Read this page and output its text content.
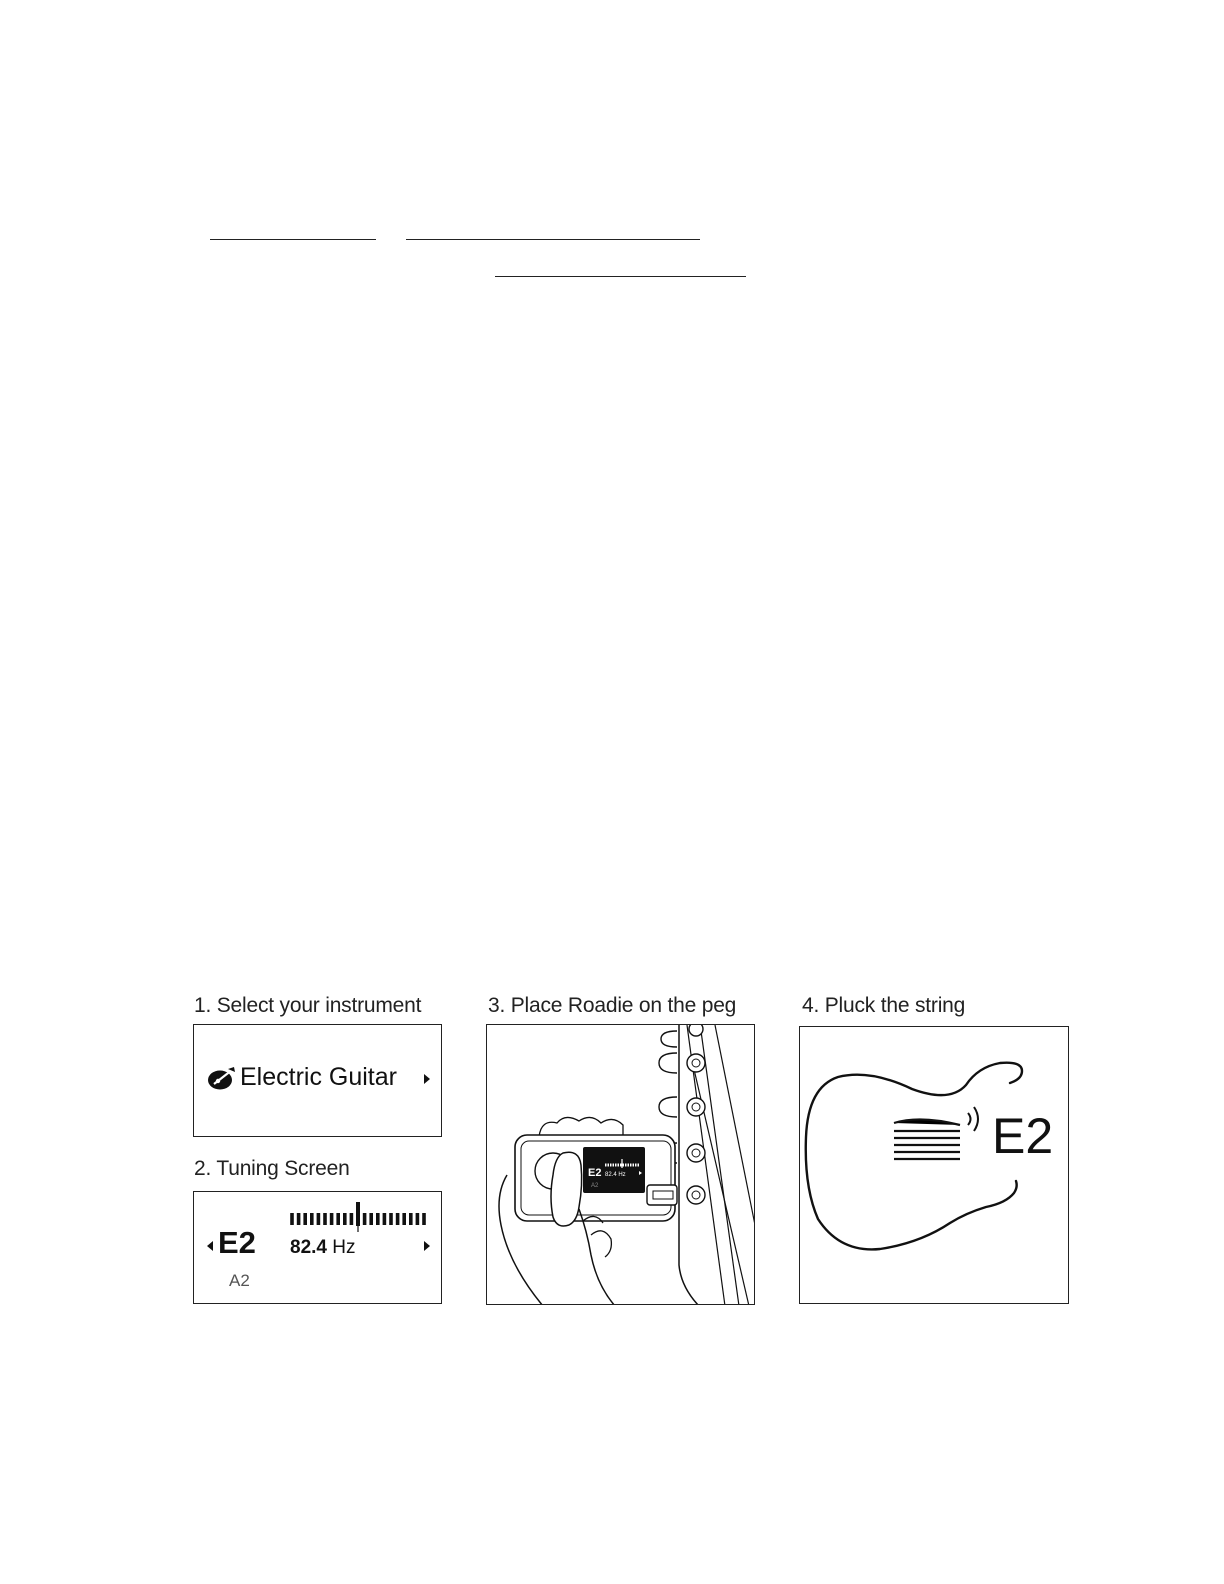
1. Select your instrument
2. Tuning Screen
3. Place Roadie on the peg	4. Pluck the string
Electric Guitar
E2
A2
82.4 Hz
E2 82.4 Hz
A2
E2
